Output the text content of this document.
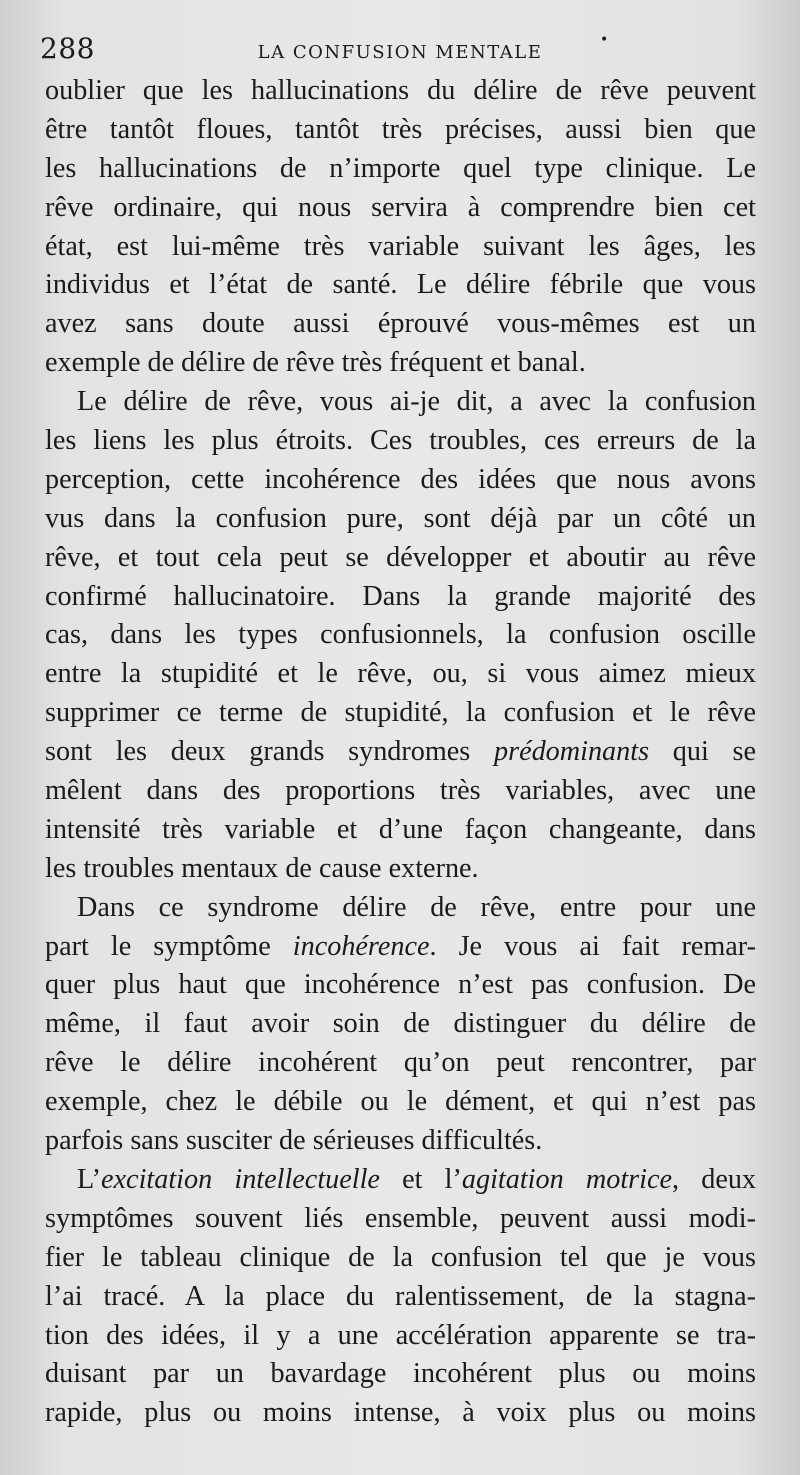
288	LA CONFUSION MENTALE
•
oublier que les hallucinations du délire de rêve peuvent
être tantôt floues, tantôt très précises, aussi bien que
les hallucinations de n’importe quel type clinique. Le
rêve ordinaire, qui nous servira à comprendre bien cet
état, est lui-même très variable suivant les âges, les
individus et l’état de santé. Le délire fébrile que vous
avez sans doute aussi éprouvé vous-mêmes est un
exemple de délire de rêve très fréquent et banal.
Le délire de rêve, vous ai-je dit, a avec la confusion
les liens les plus étroits. Ces troubles, ces erreurs de la
perception, cette incohérence des idées que nous avons
vus dans la confusion pure, sont déjà par un côté un
rêve, et tout cela peut se développer et aboutir au rêve
confirmé hallucinatoire. Dans la grande majorité des
cas, dans les types confusionnels, la confusion oscille
entre la stupidité et le rêve, ou, si vous aimez mieux
supprimer ce terme de stupidité, la confusion et le rêve
sont les deux grands syndromes prédominants qui se
mêlent dans des proportions très variables, avec une
intensité très variable et d’une façon changeante, dans
les troubles mentaux de cause externe.
Dans ce syndrome délire de rêve, entre pour une
part le symptôme incohérence. Je vous ai fait remar-
quer plus haut que incohérence n’est pas confusion. De
même, il faut avoir soin de distinguer du délire de
rêve le délire incohérent qu’on peut rencontrer, par
exemple, chez le débile ou le dément, et qui n’est pas
parfois sans susciter de sérieuses difficultés.
L’excitation intellectuelle et l’agitation motrice, deux
symptômes souvent liés ensemble, peuvent aussi modi-
fier le tableau clinique de la confusion tel que je vous
l’ai tracé. A la place du ralentissement, de la stagna-
tion des idées, il y a une accélération apparente se tra-
duisant par un bavardage incohérent plus ou moins
rapide, plus ou moins intense, à voix plus ou moins
